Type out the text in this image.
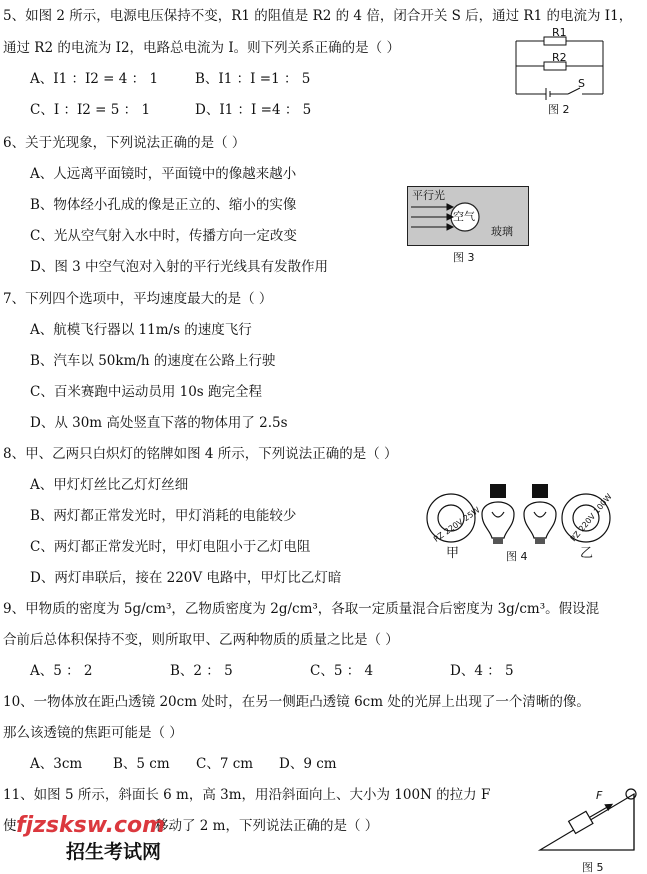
5、如图 2 所示，电源电压保持不变，R1 的阻值是 R2 的 4 倍，闭合开关 S 后，通过 R1 的电流为 I1，
通过 R2 的电流为 I2，电路总电流为 I。则下列关系正确的是（ ）
A、I1 ：I2 = 4 ： 1	B、I1 ：I =1 ： 5
C、I ：I2 = 5 ： 1	D、I1 ：I =4 ： 5
R1
R2
S
图 2
6、关于光现象，下列说法正确的是（ ）
A、人远离平面镜时，平面镜中的像越来越小
B、物体经小孔成的像是正立的、缩小的实像
C、光从空气射入水中时，传播方向一定改变
D、图 3 中空气泡对入射的平行光线具有发散作用
平行光
空气
玻璃
图 3
7、下列四个选项中，平均速度最大的是（ ）
A、航模飞行器以 11m/s 的速度飞行
B、汽车以 50km/h 的速度在公路上行驶
C、百米赛跑中运动员用 10s 跑完全程
D、从 30m 高处竖直下落的物体用了 2.5s
8、甲、乙两只白炽灯的铭牌如图 4 所示，下列说法正确的是（ ）
A、甲灯灯丝比乙灯灯丝细
B、两灯都正常发光时，甲灯消耗的电能较少
C、两灯都正常发光时，甲灯电阻小于乙灯电阻
D、两灯串联后，接在 220V 电路中，甲灯比乙灯暗
PZ 220V 25W	PZ 220V 100W
甲	图 4	乙
9、甲物质的密度为 5g/cm³，乙物质密度为 2g/cm³，各取一定质量混合后密度为 3g/cm³。假设混
合前后总体积保持不变，则所取甲、乙两种物质的质量之比是（ ）
A、5 ： 2	B、2 ： 5	C、5 ： 4	D、4 ： 5
10、一物体放在距凸透镜 20cm 处时，在另一侧距凸透镜 6cm 处的光屏上出现了一个清晰的像。
那么该透镜的焦距可能是（ ）
A、3cm B、5 cm C、7 cm D、9 cm
11、如图 5 所示，斜面长 6 m，高 3m，用沿斜面向上、大小为 100N 的拉力 F
使	移动了 2 m，下列说法正确的是（ ）
F
图 5
fjzsksw.com
招生考试网
